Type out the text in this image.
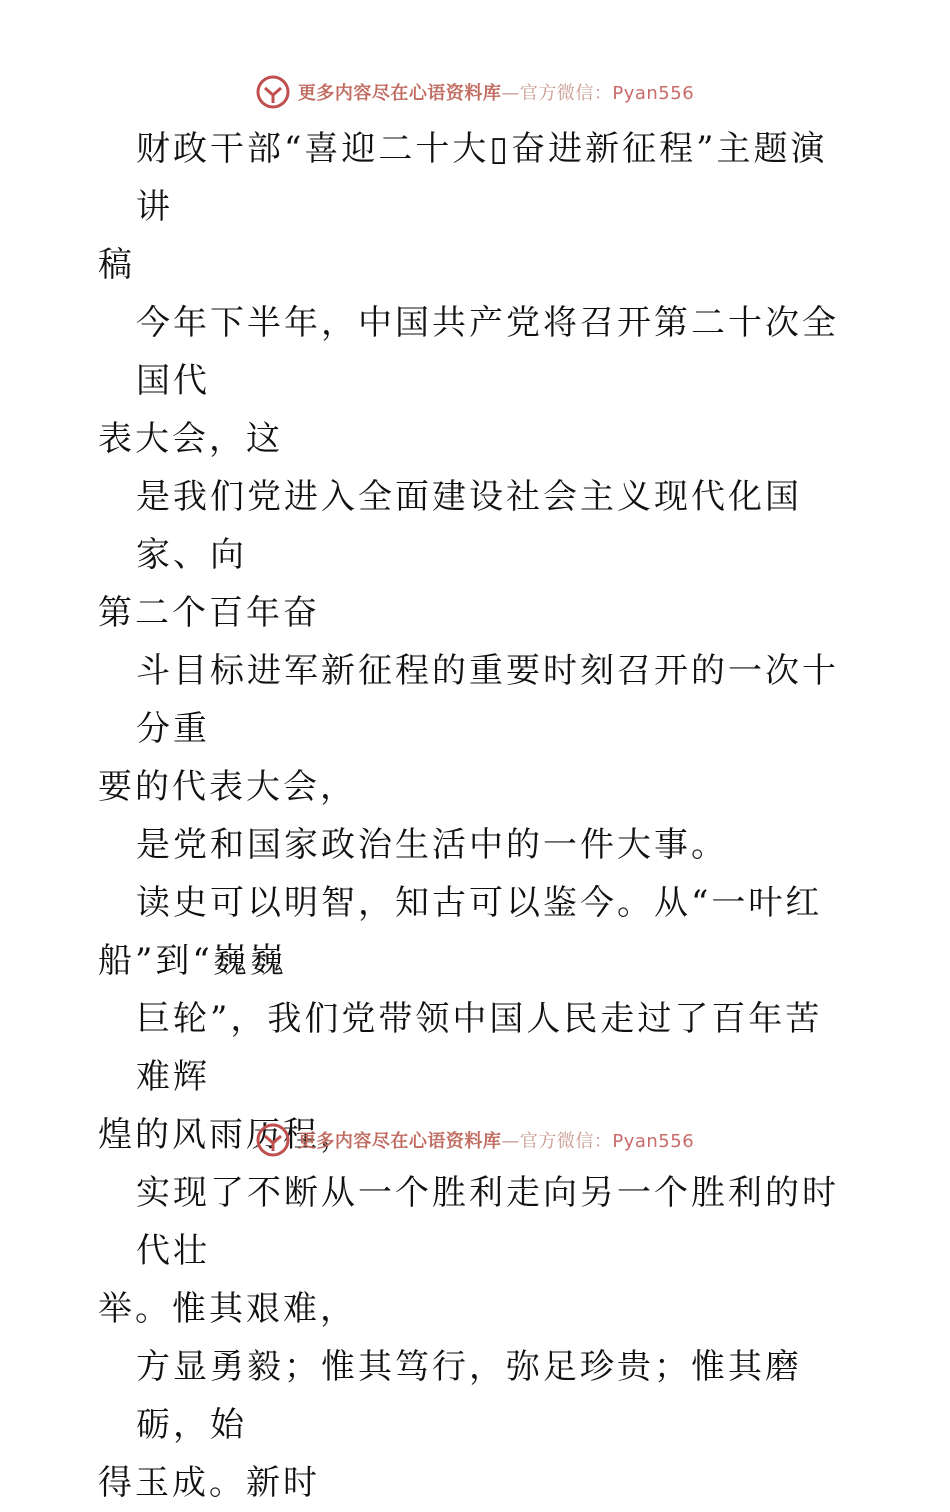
更多内容尽在心语资料库—官方微信：Pyan556

财政干部“喜迎二十大▯奋进新征程”主题演讲
稿

今年下半年，中国共产党将召开第二十次全国代
表大会，这

是我们党进入全面建设社会主义现代化国家、向
第二个百年奋

斗目标进军新征程的重要时刻召开的一次十分重
要的代表大会，

是党和国家政治生活中的一件大事。

读史可以明智，知古可以鉴今。从“一叶红
船”到“巍巍

巨轮”，我们党带领中国人民走过了百年苦难辉
煌的风雨历程，

实现了不断从一个胜利走向另一个胜利的时代壮
举。惟其艰难，

方显勇毅；惟其笃行，弥足珍贵；惟其磨砺，始
得玉成。新时

更多内容尽在心语资料库—官方微信：Pyan556
